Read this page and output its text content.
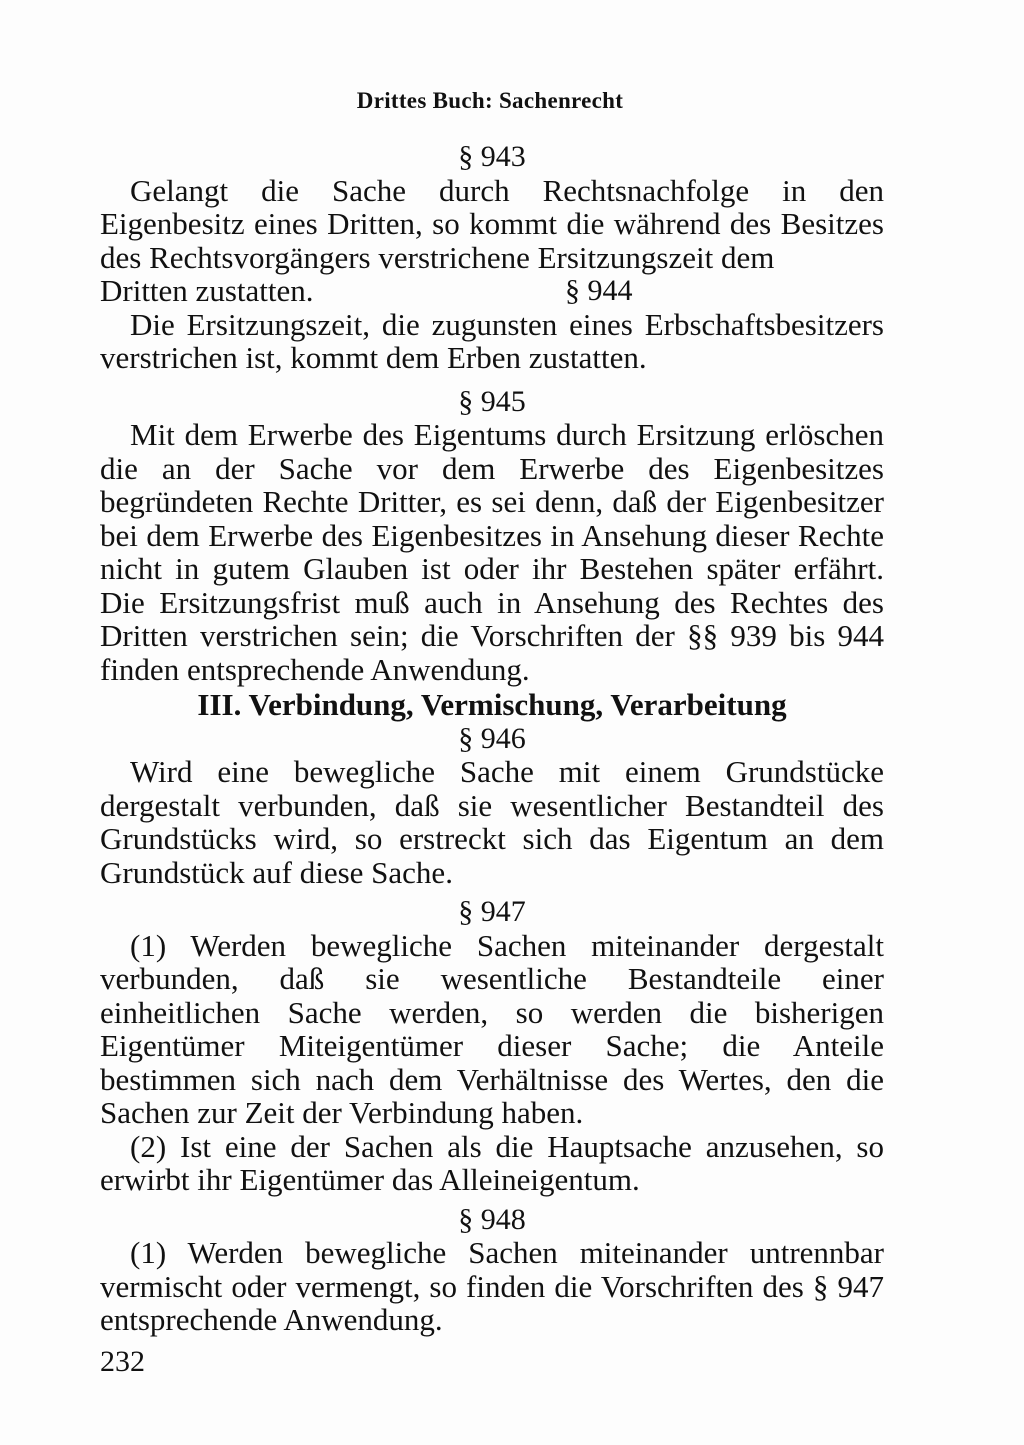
Drittes Buch: Sachenrecht
§ 943

Gelangt die Sache durch Rechtsnachfolge in den Eigenbesitz eines Dritten, so kommt die während des Besitzes des Rechtsvorgängers verstrichene Ersitzungszeit dem

Dritten zustatten.	§ 944

Die Ersitzungszeit, die zugunsten eines Erbschaftsbesitzers verstrichen ist, kommt dem Erben zustatten.

§ 945

Mit dem Erwerbe des Eigentums durch Ersitzung erlöschen die an der Sache vor dem Erwerbe des Eigenbesitzes begründeten Rechte Dritter, es sei denn, daß der Eigenbesitzer bei dem Erwerbe des Eigenbesitzes in Ansehung dieser Rechte nicht in gutem Glauben ist oder ihr Bestehen später erfährt. Die Ersitzungsfrist muß auch in Ansehung des Rechtes des Dritten verstrichen sein; die Vorschriften der §§ 939 bis 944 finden entsprechende Anwendung.

III. Verbindung, Vermischung, Verarbeitung
§ 946

Wird eine bewegliche Sache mit einem Grundstücke dergestalt verbunden, daß sie wesentlicher Bestandteil des Grundstücks wird, so erstreckt sich das Eigentum an dem Grundstück auf diese Sache.

§ 947

(1) Werden bewegliche Sachen miteinander dergestalt verbunden, daß sie wesentliche Bestandteile einer einheitlichen Sache werden, so werden die bisherigen Eigentümer Miteigentümer dieser Sache; die Anteile bestimmen sich nach dem Verhältnisse des Wertes, den die Sachen zur Zeit der Verbindung haben.

(2) Ist eine der Sachen als die Hauptsache anzusehen, so erwirbt ihr Eigentümer das Alleineigentum.

§ 948

(1) Werden bewegliche Sachen miteinander untrennbar vermischt oder vermengt, so finden die Vorschriften des § 947 entsprechende Anwendung.

232
